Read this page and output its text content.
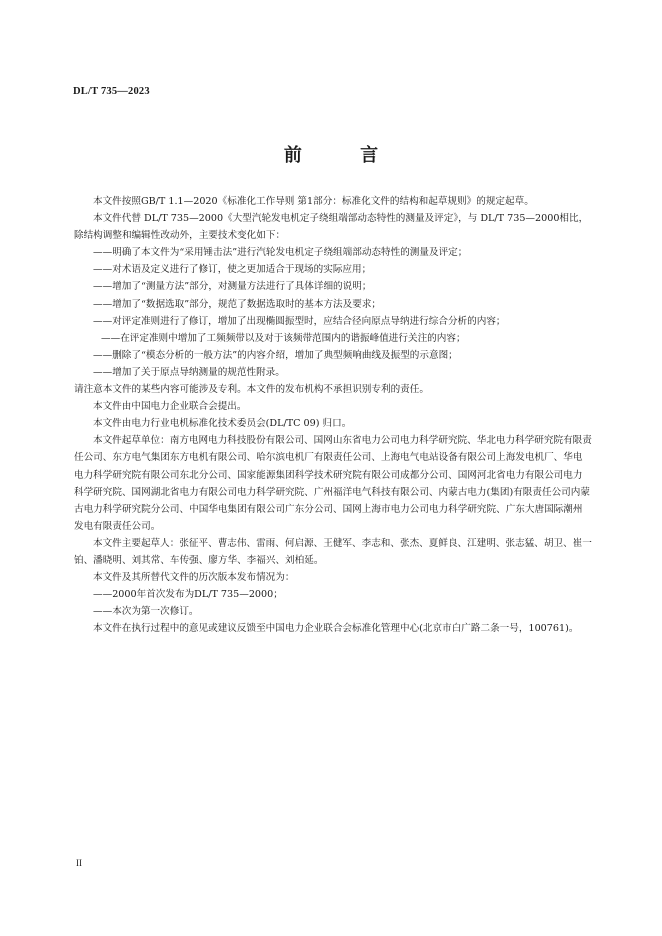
DL/T 735—2023
前 言

本文件按照GB/T 1.1—2020《标准化工作导则 第1部分：标准化文件的结构和起草规则》的规定起草。

本文件代替 DL/T 735—2000《大型汽轮发电机定子绕组端部动态特性的测量及评定》，与 DL/T 735—2000相比，除结构调整和编辑性改动外，主要技术变化如下：

——明确了本文件为“采用锤击法”进行汽轮发电机定子绕组端部动态特性的测量及评定；

——对术语及定义进行了修订，使之更加适合于现场的实际应用；

——增加了“测量方法”部分，对测量方法进行了具体详细的说明；

——增加了“数据选取”部分，规范了数据选取时的基本方法及要求；

——对评定准则进行了修订，增加了出现椭圆振型时，应结合径向原点导纳进行综合分析的内容；

——在评定准则中增加了工频频带以及对于该频带范围内的谐振峰值进行关注的内容；

——删除了“模态分析的一般方法”的内容介绍，增加了典型频响曲线及振型的示意图；

——增加了关于原点导纳测量的规范性附录。

请注意本文件的某些内容可能涉及专利。本文件的发布机构不承担识别专利的责任。

本文件由中国电力企业联合会提出。

本文件由电力行业电机标准化技术委员会(DL/TC 09) 归口。

本文件起草单位：南方电网电力科技股份有限公司、国网山东省电力公司电力科学研究院、华北电力科学研究院有限责任公司、东方电气集团东方电机有限公司、哈尔滨电机厂有限责任公司、上海电气电站设备有限公司上海发电机厂、华电电力科学研究院有限公司东北分公司、国家能源集团科学技术研究院有限公司成都分公司、国网河北省电力有限公司电力科学研究院、国网湖北省电力有限公司电力科学研究院、广州福洋电气科技有限公司、内蒙古电力(集团)有限责任公司内蒙古电力科学研究院分公司、中国华电集团有限公司广东分公司、国网上海市电力公司电力科学研究院、广东大唐国际潮州发电有限责任公司。

本文件主要起草人：张征平、曹志伟、雷雨、何启源、王健军、李志和、张杰、夏鲜良、江建明、张志猛、胡卫、崔一铂、潘晓明、刘其常、车传强、廖方华、李福兴、刘柏延。

本文件及其所替代文件的历次版本发布情况为：

——2000年首次发布为DL/T 735—2000；

——本次为第一次修订。

本文件在执行过程中的意见或建议反馈至中国电力企业联合会标准化管理中心(北京市白广路二条一号，100761)。

II
